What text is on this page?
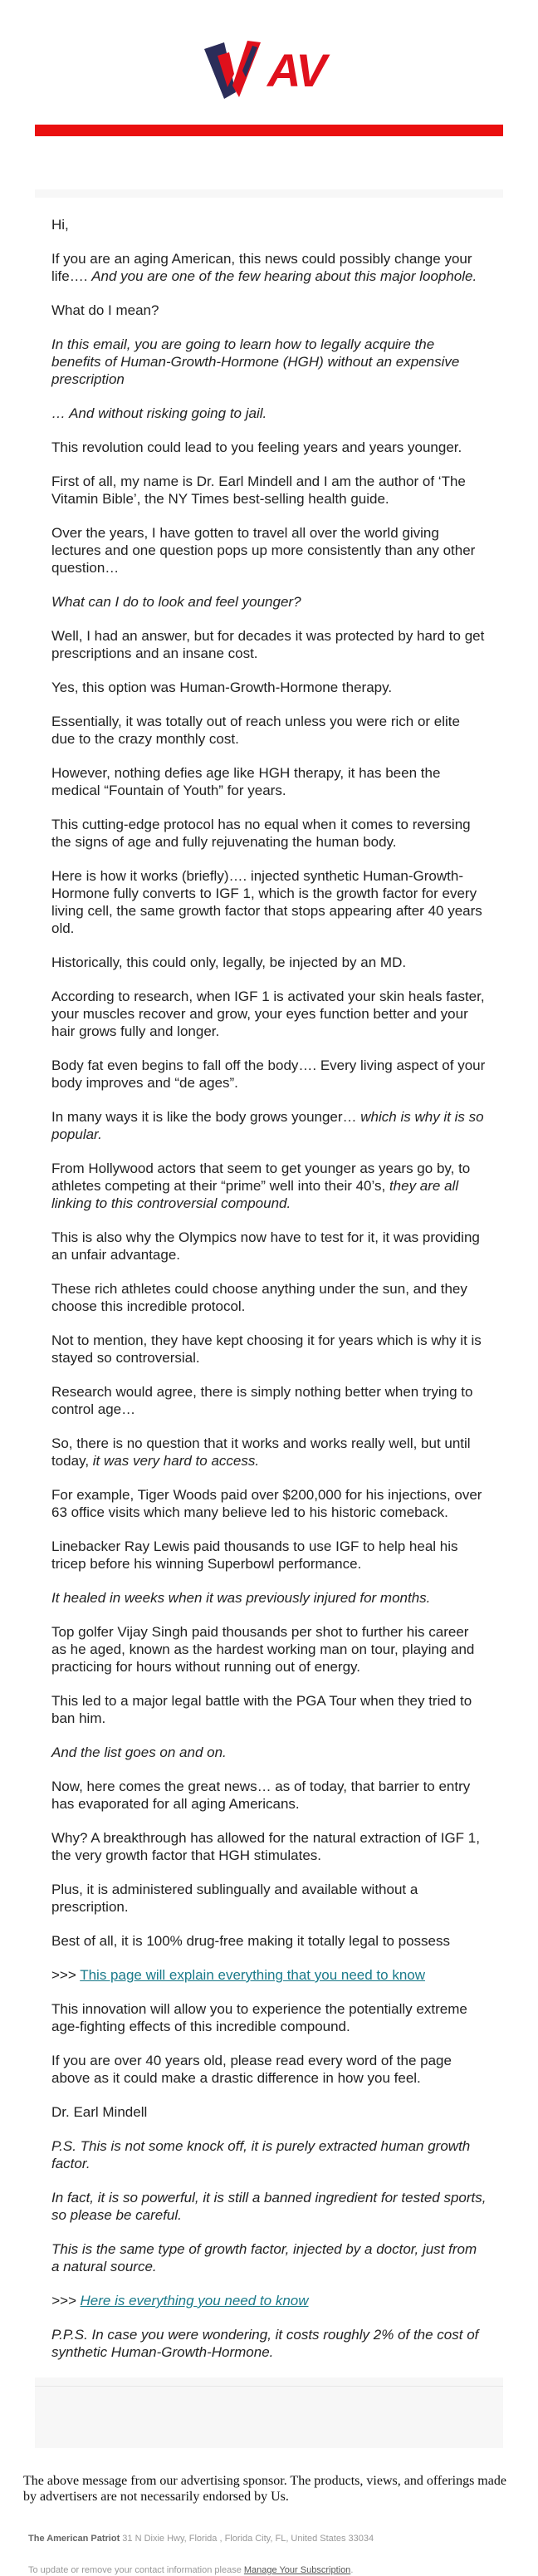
AV

Hi,

If you are an aging American, this news could possibly change your life…. And you are one of the few hearing about this major loophole.

What do I mean?

In this email, you are going to learn how to legally acquire the benefits of Human-Growth-Hormone (HGH) without an expensive prescription

… And without risking going to jail.

This revolution could lead to you feeling years and years younger.

First of all, my name is Dr. Earl Mindell and I am the author of ‘The Vitamin Bible’, the NY Times best-selling health guide.

Over the years, I have gotten to travel all over the world giving lectures and one question pops up more consistently than any other question…

What can I do to look and feel younger?

Well, I had an answer, but for decades it was protected by hard to get prescriptions and an insane cost.

Yes, this option was Human-Growth-Hormone therapy.

Essentially, it was totally out of reach unless you were rich or elite due to the crazy monthly cost.

However, nothing defies age like HGH therapy, it has been the medical “Fountain of Youth” for years.

This cutting-edge protocol has no equal when it comes to reversing the signs of age and fully rejuvenating the human body.

Here is how it works (briefly)…. injected synthetic Human-Growth-Hormone fully converts to IGF 1, which is the growth factor for every living cell, the same growth factor that stops appearing after 40 years old.

Historically, this could only, legally, be injected by an MD.

According to research, when IGF 1 is activated your skin heals faster, your muscles recover and grow, your eyes function better and your hair grows fully and longer.

Body fat even begins to fall off the body…. Every living aspect of your body improves and “de ages”.

In many ways it is like the body grows younger… which is why it is so popular.

From Hollywood actors that seem to get younger as years go by, to athletes competing at their “prime” well into their 40’s, they are all linking to this controversial compound.

This is also why the Olympics now have to test for it, it was providing an unfair advantage.

These rich athletes could choose anything under the sun, and they choose this incredible protocol.

Not to mention, they have kept choosing it for years which is why it is stayed so controversial.

Research would agree, there is simply nothing better when trying to control age…

So, there is no question that it works and works really well, but until today, it was very hard to access.

For example, Tiger Woods paid over $200,000 for his injections, over 63 office visits which many believe led to his historic comeback.

Linebacker Ray Lewis paid thousands to use IGF to help heal his tricep before his winning Superbowl performance.

It healed in weeks when it was previously injured for months.

Top golfer Vijay Singh paid thousands per shot to further his career as he aged, known as the hardest working man on tour, playing and practicing for hours without running out of energy.

This led to a major legal battle with the PGA Tour when they tried to ban him.

And the list goes on and on.

Now, here comes the great news… as of today, that barrier to entry has evaporated for all aging Americans.

Why? A breakthrough has allowed for the natural extraction of IGF 1, the very growth factor that HGH stimulates.

Plus, it is administered sublingually and available without a prescription.

Best of all, it is 100% drug-free making it totally legal to possess

>>> This page will explain everything that you need to know

This innovation will allow you to experience the potentially extreme age-fighting effects of this incredible compound.

If you are over 40 years old, please read every word of the page above as it could make a drastic difference in how you feel.

Dr. Earl Mindell

P.S. This is not some knock off, it is purely extracted human growth factor.

In fact, it is so powerful, it is still a banned ingredient for tested sports, so please be careful.

This is the same type of growth factor, injected by a doctor, just from a natural source.

>>> Here is everything you need to know

P.P.S. In case you were wondering, it costs roughly 2% of the cost of synthetic Human-Growth-Hormone.

The above message from our advertising sponsor. The products, views, and offerings made by advertisers are not necessarily endorsed by Us.
The American Patriot 31 N Dixie Hwy, Florida , Florida City, FL, United States 33034
To update or remove your contact information please Manage Your Subscription.
